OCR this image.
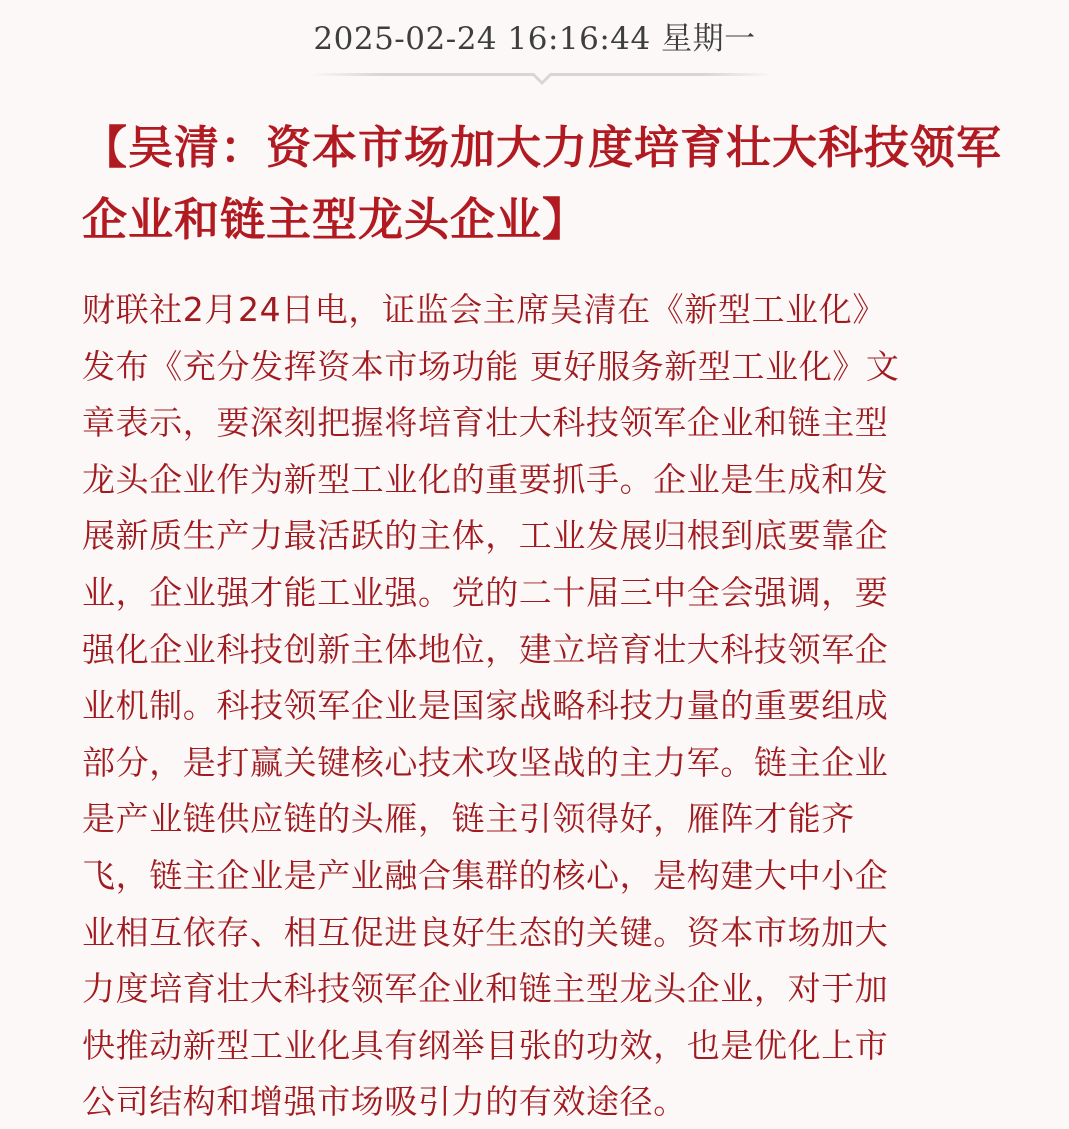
2025-02-24 16:16:44 星期一
【吴清：资本市场加大力度培育壮大科技领军企业和链主型龙头企业】
财联社2月24日电，证监会主席吴清在《新型工业化》
发布《充分发挥资本市场功能 更好服务新型工业化》文
章表示，要深刻把握将培育壮大科技领军企业和链主型
龙头企业作为新型工业化的重要抓手。企业是生成和发
展新质生产力最活跃的主体，工业发展归根到底要靠企
业，企业强才能工业强。党的二十届三中全会强调，要
强化企业科技创新主体地位，建立培育壮大科技领军企
业机制。科技领军企业是国家战略科技力量的重要组成
部分，是打赢关键核心技术攻坚战的主力军。链主企业
是产业链供应链的头雁，链主引领得好，雁阵才能齐
飞，链主企业是产业融合集群的核心，是构建大中小企
业相互依存、相互促进良好生态的关键。资本市场加大
力度培育壮大科技领军企业和链主型龙头企业，对于加
快推动新型工业化具有纲举目张的功效，也是优化上市
公司结构和增强市场吸引力的有效途径。
